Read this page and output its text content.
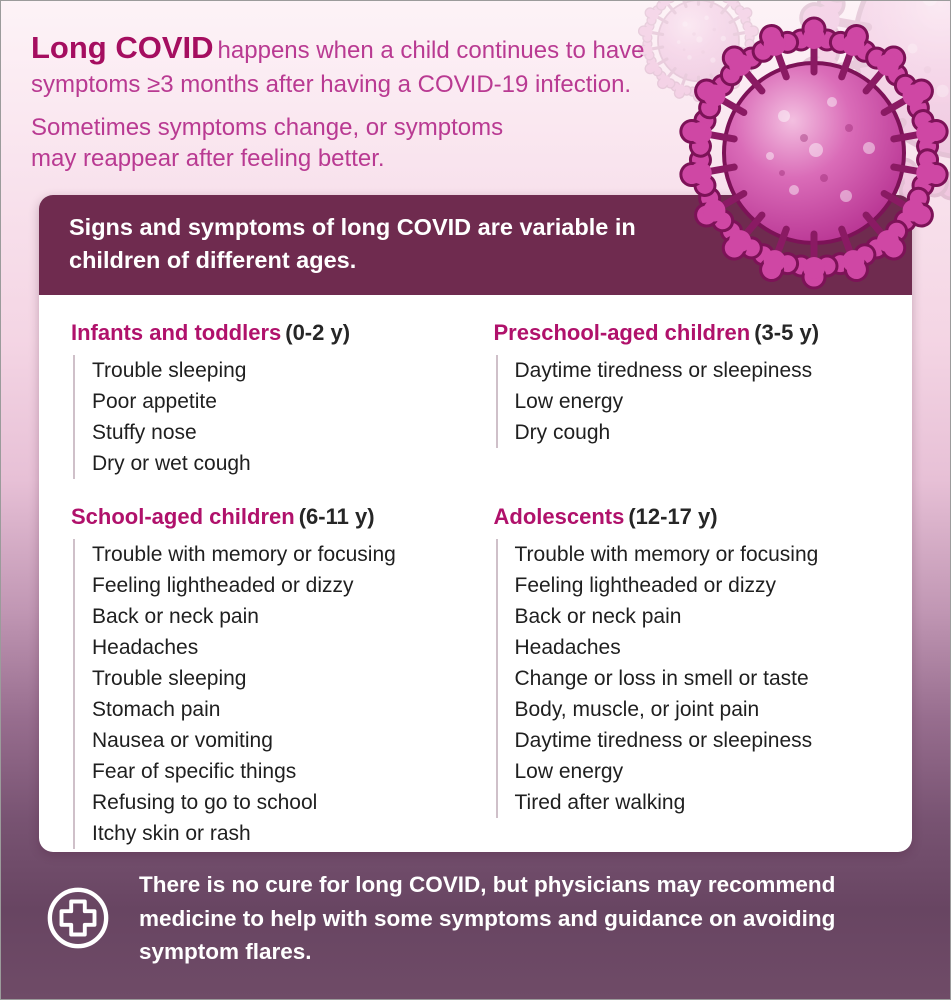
Long COVID happens when a child continues to have symptoms ≥3 months after having a COVID-19 infection.

Sometimes symptoms change, or symptoms may reappear after feeling better.

Signs and symptoms of long COVID are variable in children of different ages.
Infants and toddlers (0-2 y)
Trouble sleeping
Poor appetite
Stuffy nose
Dry or wet cough
Preschool-aged children (3-5 y)
Daytime tiredness or sleepiness
Low energy
Dry cough
School-aged children (6-11 y)
Trouble with memory or focusing
Feeling lightheaded or dizzy
Back or neck pain
Headaches
Trouble sleeping
Stomach pain
Nausea or vomiting
Fear of specific things
Refusing to go to school
Itchy skin or rash
Adolescents (12-17 y)
Trouble with memory or focusing
Feeling lightheaded or dizzy
Back or neck pain
Headaches
Change or loss in smell or taste
Body, muscle, or joint pain
Daytime tiredness or sleepiness
Low energy
Tired after walking

There is no cure for long COVID, but physicians may recommend medicine to help with some symptoms and guidance on avoiding symptom flares.
